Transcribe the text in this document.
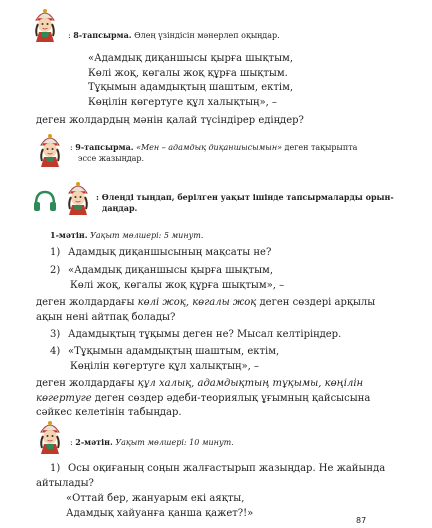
: 8-тапсырма. Өлең үзіндісін мәнерлеп оқыңдар.
«Адамдық диқаншысы қырға шықтым,
Көлі жоқ, көгалы жоқ құрға шықтым.
Тұқымын адамдықтың шаштым, ектім,
Көңілін көгертуге құл халықтың», –
деген жолдардың мәнін қалай түсіндірер едіңдер?
: 9-тапсырма. «Мен – адамдық диқаншысымын» деген тақырыпта
эссе жазыңдар.
: Өлеңді тыңдап, берілген уақыт ішінде тапсырмаларды орын-
даңдар.
1-мәтін. Уақыт мөлшері: 5 минут.
1) Адамдық диқаншысының мақсаты не?
2) «Адамдық диқаншысы қырға шықтым,
Көлі жоқ, көгалы жоқ құрға шықтым», –
деген жолдардағы көлі жоқ, көгалы жоқ деген сөздері арқылы
ақын нені айтпақ болады?
3) Адамдықтың тұқымы деген не? Мысал келтіріңдер.
4) «Тұқымын адамдықтың шаштым, ектім,
Көңілін көгертуге құл халықтың», –
деген жолдардағы құл халық, адамдықтың тұқымы, көңілін
көгертуге деген сөздер әдеби-теориялық ұғымның қайсысына
сәйкес келетінін табыңдар.
: 2-мәтін. Уақыт мөлшері: 10 минут.
1) Осы оқиғаның соңын жалғастырып жазыңдар. Не жайында
айтылады?
«Оттай бер, жануарым екі аяқты,
Адамдық хайуанға қанша қажет?!»
87
